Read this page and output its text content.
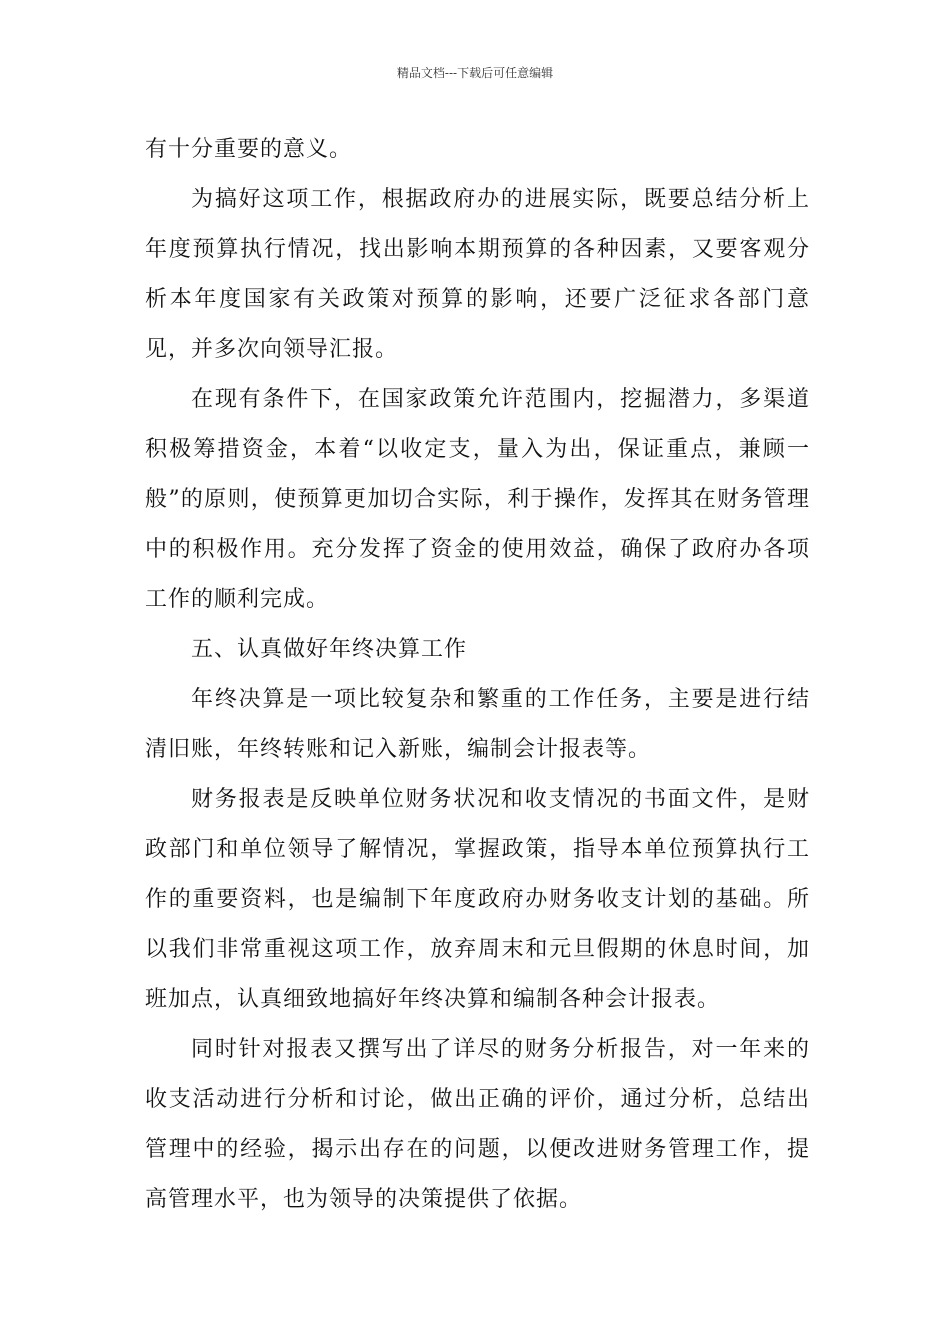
精品文档---下载后可任意编辑

有十分重要的意义。

为搞好这项工作，根据政府办的进展实际，既要总结分析上年度预算执行情况，找出影响本期预算的各种因素，又要客观分析本年度国家有关政策对预算的影响，还要广泛征求各部门意见，并多次向领导汇报。

在现有条件下，在国家政策允许范围内，挖掘潜力，多渠道积极筹措资金，本着“以收定支，量入为出，保证重点，兼顾一般”的原则，使预算更加切合实际，利于操作，发挥其在财务管理中的积极作用。充分发挥了资金的使用效益，确保了政府办各项工作的顺利完成。

五、认真做好年终决算工作

年终决算是一项比较复杂和繁重的工作任务，主要是进行结清旧账，年终转账和记入新账，编制会计报表等。

财务报表是反映单位财务状况和收支情况的书面文件，是财政部门和单位领导了解情况，掌握政策，指导本单位预算执行工作的重要资料，也是编制下年度政府办财务收支计划的基础。所以我们非常重视这项工作，放弃周末和元旦假期的休息时间，加班加点，认真细致地搞好年终决算和编制各种会计报表。

同时针对报表又撰写出了详尽的财务分析报告，对一年来的收支活动进行分析和讨论，做出正确的评价，通过分析，总结出管理中的经验，揭示出存在的问题，以便改进财务管理工作，提高管理水平，也为领导的决策提供了依据。
